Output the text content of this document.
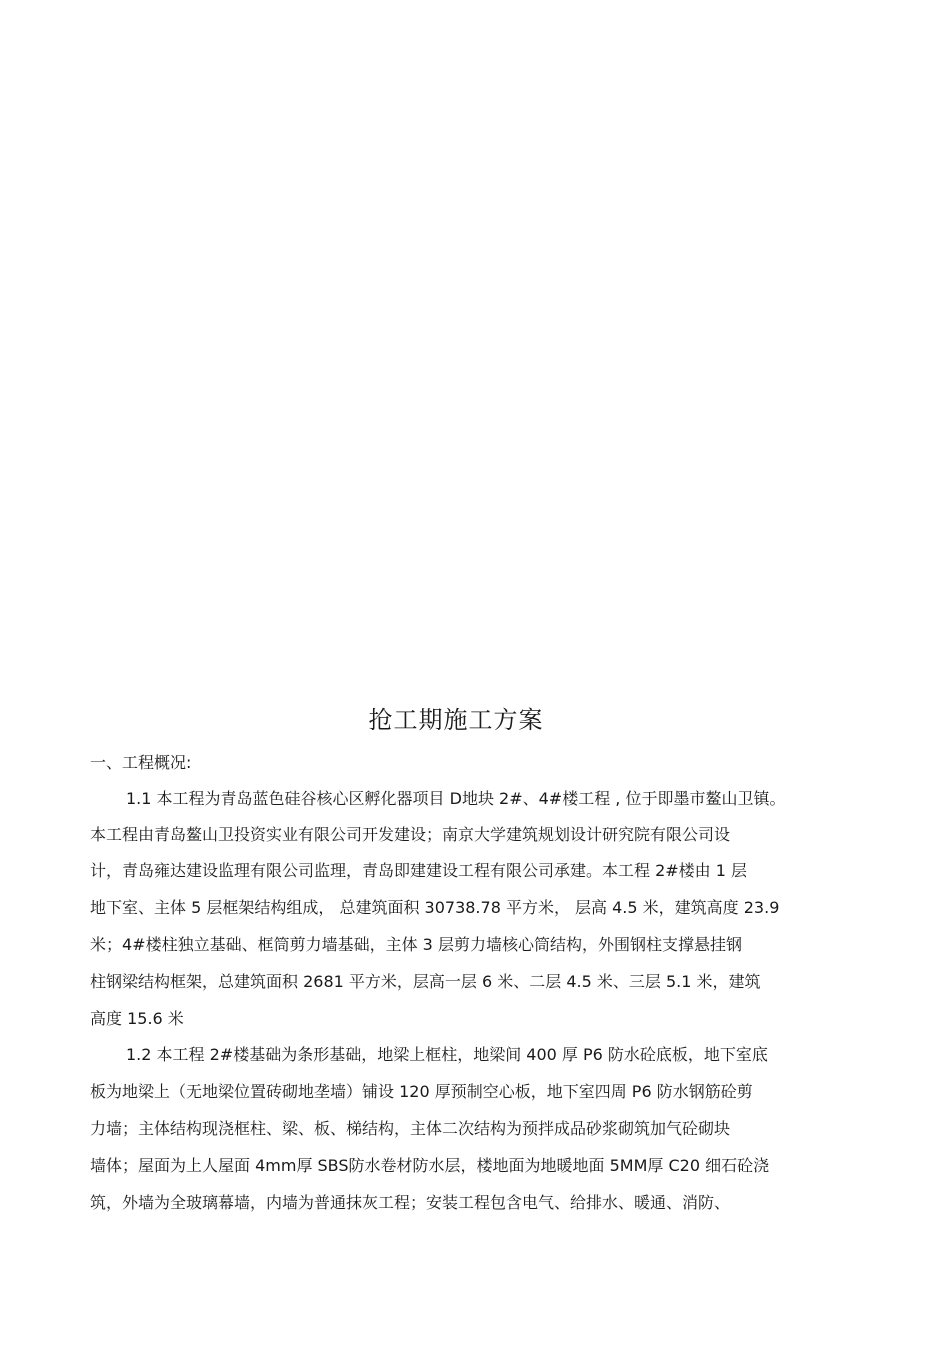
抢工期施工方案
一、工程概况:
1.1 本工程为青岛蓝色硅谷核心区孵化器项目 D地块 2#、4#楼工程 , 位于即墨市鳌山卫镇。
本工程由青岛鳌山卫投资实业有限公司开发建设；南京大学建筑规划设计研究院有限公司设
计，青岛雍达建设监理有限公司监理，青岛即建建设工程有限公司承建。本工程 2#楼由 1 层
地下室、主体 5 层框架结构组成， 总建筑面积 30738.78 平方米， 层高 4.5 米，建筑高度 23.9
米；4#楼柱独立基础、框筒剪力墙基础，主体 3 层剪力墙核心筒结构，外围钢柱支撑悬挂钢
柱钢梁结构框架，总建筑面积 2681 平方米，层高一层 6 米、二层 4.5 米、三层 5.1 米，建筑
高度 15.6 米
1.2 本工程 2#楼基础为条形基础，地梁上框柱，地梁间 400 厚 P6 防水砼底板，地下室底
板为地梁上（无地梁位置砖砌地垄墙）铺设 120 厚预制空心板，地下室四周 P6 防水钢筋砼剪
力墙；主体结构现浇框柱、梁、板、梯结构，主体二次结构为预拌成品砂浆砌筑加气砼砌块
墙体；屋面为上人屋面 4mm厚 SBS防水卷材防水层，楼地面为地暖地面 5MM厚 C20 细石砼浇
筑，外墙为全玻璃幕墙，内墙为普通抹灰工程；安装工程包含电气、给排水、暖通、消防、
